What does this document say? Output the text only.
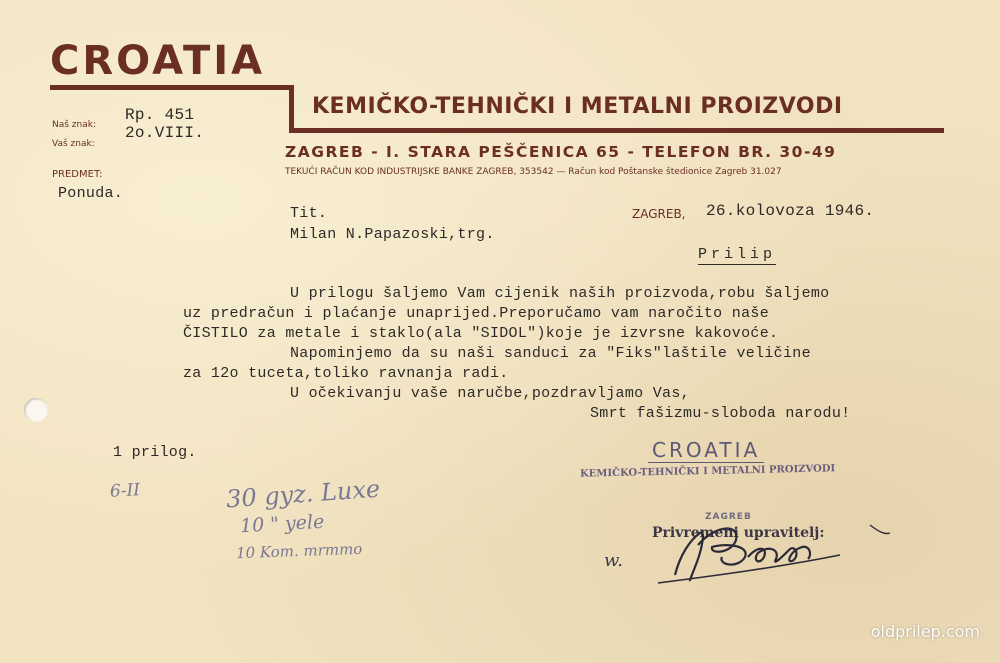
CROATIA
KEMIČKO-TEHNIČKI I METALNI PROIZVODI
ZAGREB - I. STARA PEŠČENICA 65 - TELEFON BR. 30-49
TEKUĆI RAČUN KOD INDUSTRIJSKE BANKE ZAGREB, 353542 — Račun kod Poštanske štedionice Zagreb 31.027
Naš znak:
Rp. 451
Vaš znak:
2o.VIII.
PREDMET:
Ponuda.
Tit.
Milan N.Papazoski,trg.
ZAGREB, 26.kolovoza 1946.
Prilip
U prilogu šaljemo Vam cijenik naših proizvoda,robu šaljemo
uz predračun i plaćanje unaprijed.Preporučamo vam naročito naše
ČISTILO za metale i staklo(ala "SIDOL")koje je izvrsne kakovoće.
Napominjemo da su naši sanduci za "Fiks"laštile veličine
za 12o tuceta,toliko ravnanja radi.
U očekivanju vaše naručbe,pozdravljamo Vas,
Smrt fašizmu-sloboda narodu!
1 prilog.	CROATIA
KEMIČKO-TEHNIČKI I METALNI PROIZVODI
ZAGREB
Privremeni upravitelj:
6-II	30 gyz. Luxe
10 " yele
10 Kom. mrmmo	w.
oldprilep.com
